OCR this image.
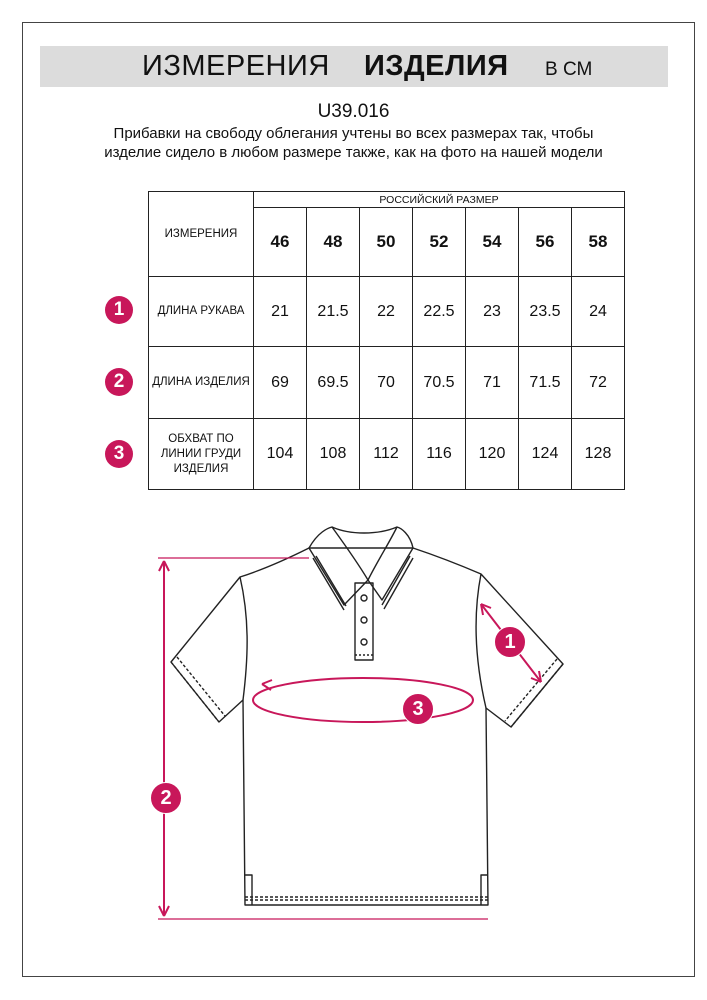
ИЗМЕРЕНИЯ ИЗДЕЛИЯ В СМ
U39.016
Прибавки на свободу облегания учтены во всех размерах так, чтобы изделие сидело в любом размере также, как на фото на нашей модели
ИЗМЕРЕНИЯ	РОССИЙСКИЙ РАЗМЕР						
	46	48	50	52	54	56	58
ДЛИНА РУКАВА	21	21.5	22	22.5	23	23.5	24
ДЛИНА ИЗДЕЛИЯ	69	69.5	70	70.5	71	71.5	72
ОБХВАТ ПО ЛИНИИ ГРУДИ ИЗДЕЛИЯ	104	108	112	116	120	124	128
1
2
3
1
3
2
